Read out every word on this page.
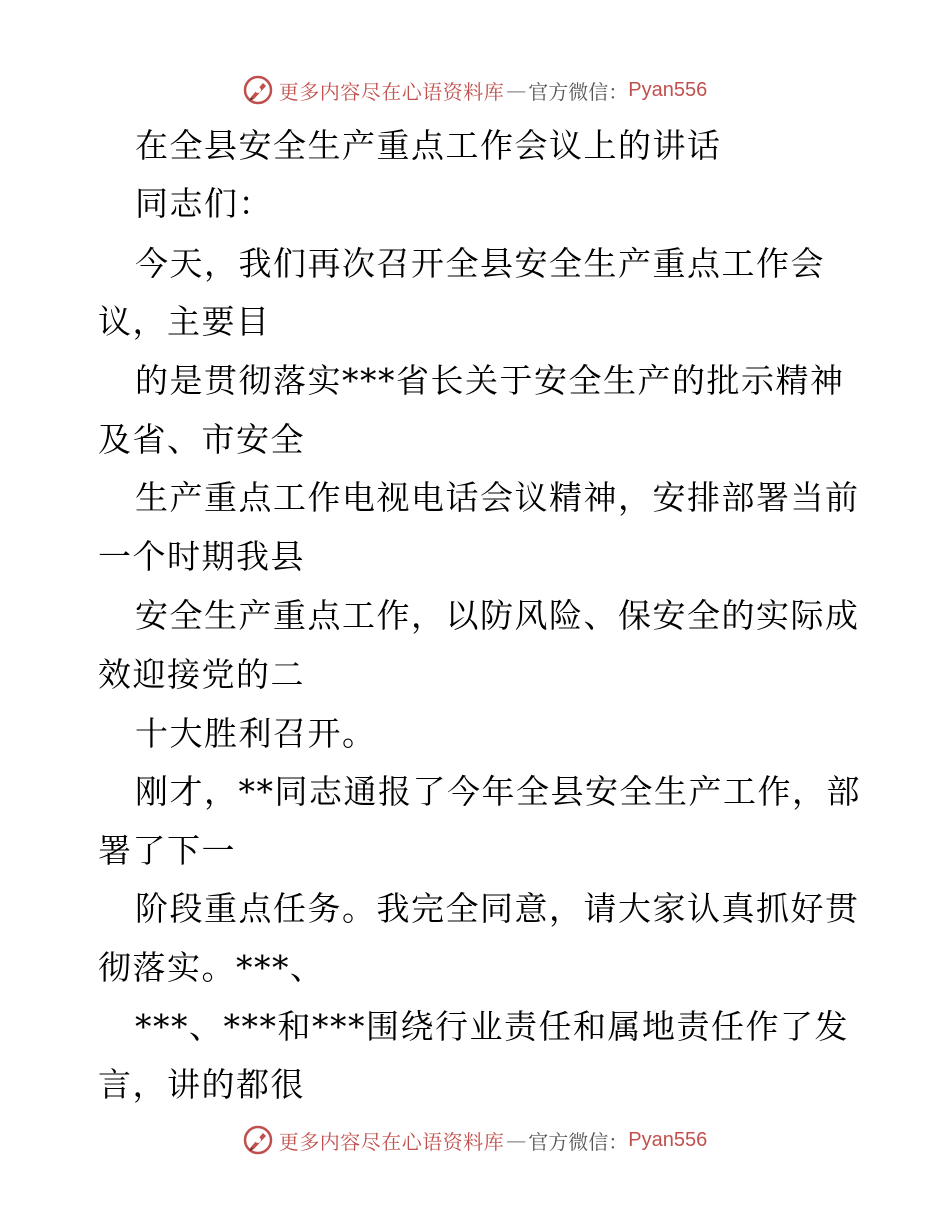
更多内容尽在心语资料库 — 官方微信： Pyan556
在全县安全生产重点工作会议上的讲话
同志们：
今天，我们再次召开全县安全生产重点工作会
议，主要目
的是贯彻落实***省长关于安全生产的批示精神
及省、市安全
生产重点工作电视电话会议精神，安排部署当前
一个时期我县
安全生产重点工作，以防风险、保安全的实际成
效迎接党的二
十大胜利召开。
刚才，**同志通报了今年全县安全生产工作，部
署了下一
阶段重点任务。我完全同意，请大家认真抓好贯
彻落实。***、
***、***和***围绕行业责任和属地责任作了发
言，讲的都很
更多内容尽在心语资料库 — 官方微信： Pyan556
